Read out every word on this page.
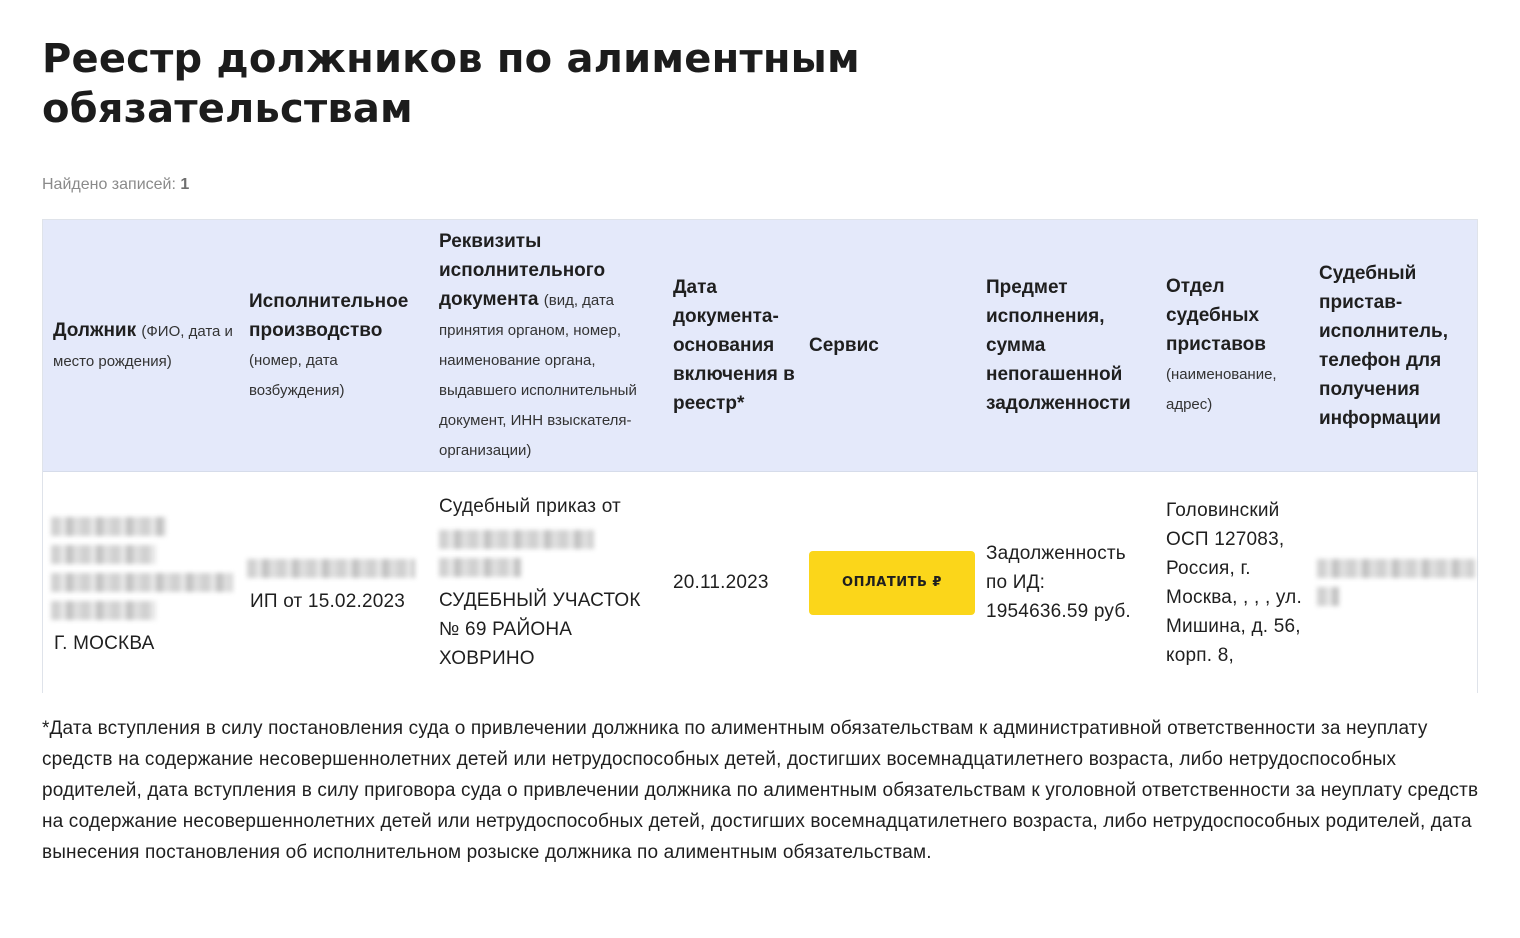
Реестр должников по алиментным обязательствам
Найдено записей: 1
Должник (ФИО, дата и место рождения)
Исполнительное производство (номер, дата возбуждения)
Реквизиты исполнительного документа (вид, дата принятия органом, номер, наименование органа, выдавшего исполнительный документ, ИНН взыскателя-организации)
Дата документа-основания включения в реестр*
Сервис
Предмет исполнения, сумма непогашенной задолженности
Отдел судебных приставов (наименование, адрес)
Судебный пристав-исполнитель, телефон для получения информации
Г. МОСКВА
ИП от 15.02.2023
Судебный приказ от
СУДЕБНЫЙ УЧАСТОК № 69 РАЙОНА ХОВРИНО
20.11.2023	ОПЛАТИТЬ ₽
Задолженность по ИД: 1954636.59 руб.
Головинский ОСП 127083, Россия, г. Москва, , , , ул. Мишина, д. 56, корп. 8,

*Дата вступления в силу постановления суда о привлечении должника по алиментным обязательствам к административной ответственности за неуплату средств на содержание несовершеннолетних детей или нетрудоспособных детей, достигших восемнадцатилетнего возраста, либо нетрудоспособных родителей, дата вступления в силу приговора суда о привлечении должника по алиментным обязательствам к уголовной ответственности за неуплату средств на содержание несовершеннолетних детей или нетрудоспособных детей, достигших восемнадцатилетнего возраста, либо нетрудоспособных родителей, дата вынесения постановления об исполнительном розыске должника по алиментным обязательствам.
